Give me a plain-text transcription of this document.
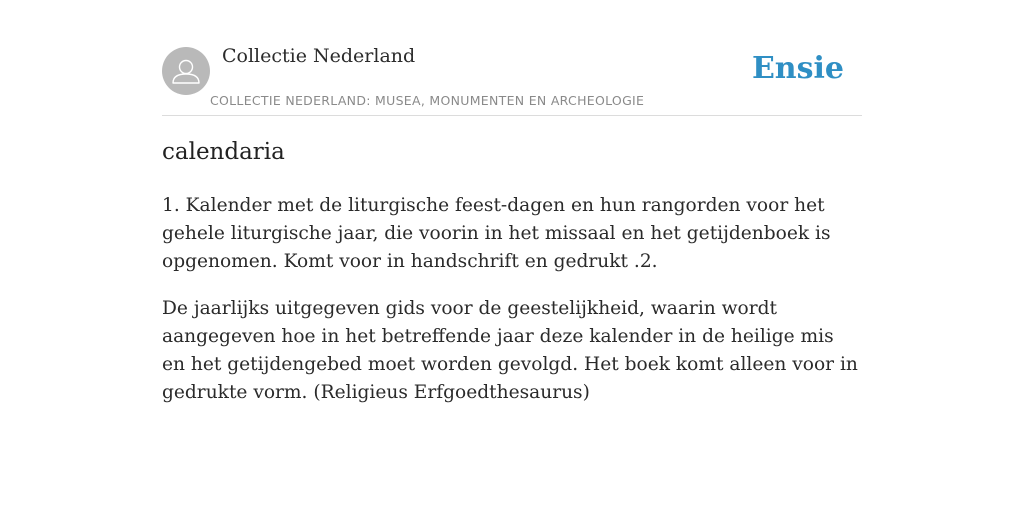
Collectie Nederland
COLLECTIE NEDERLAND: MUSEA, MONUMENTEN EN ARCHEOLOGIE
Ensie
calendaria

1. Kalender met de liturgische feest-dagen en hun rangorden voor het gehele liturgische jaar, die voorin in het missaal en het getijdenboek is opgenomen. Komt voor in handschrift en gedrukt .2.

De jaarlijks uitgegeven gids voor de geestelijkheid, waarin wordt aangegeven hoe in het betreffende jaar deze kalender in de heilige mis en het getijdengebed moet worden gevolgd. Het boek komt alleen voor in gedrukte vorm. (Religieus Erfgoedthesaurus)
